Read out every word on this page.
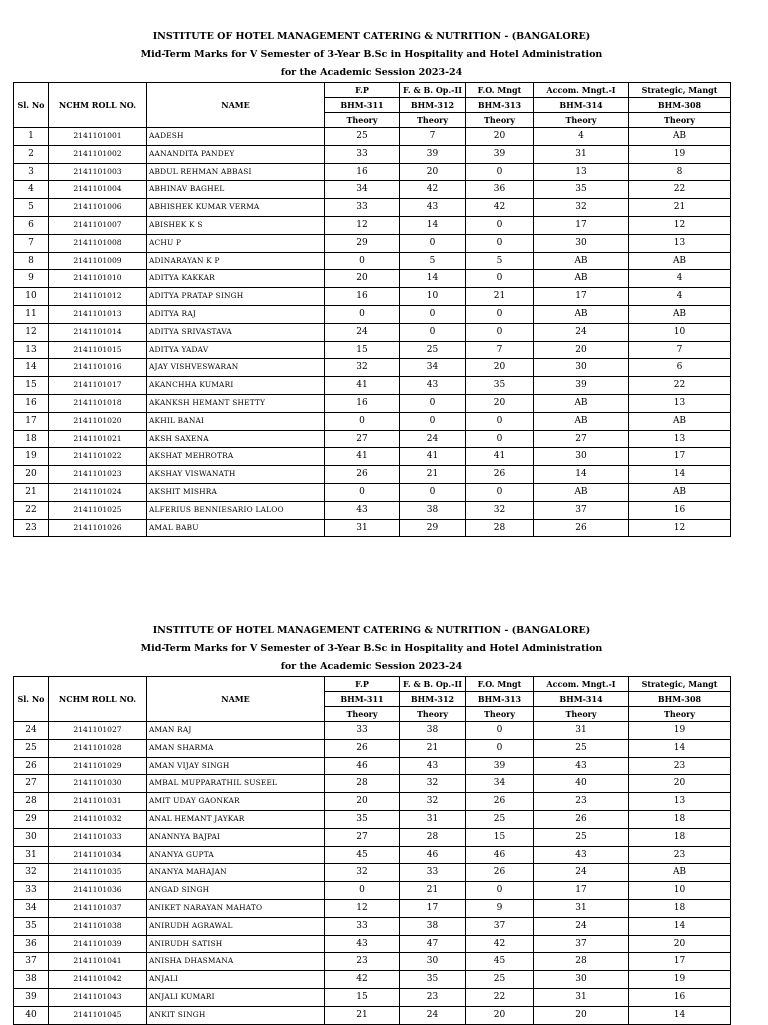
INSTITUTE OF HOTEL MANAGEMENT CATERING & NUTRITION - (BANGALORE)
Mid-Term Marks for V Semester of 3-Year B.Sc in Hospitality and Hotel Administration
for the Academic Session 2023-24
Sl. No	NCHM ROLL NO.	NAME	F.P	F. & B. Op.-II	F.O. Mngt	Accom. Mngt.-I	Strategic, Mangt
			BHM-311	BHM-312	BHM-313	BHM-314	BHM-308
			Theory	Theory	Theory	Theory	Theory
1	2141101001	AADESH	25	7	20	4	AB
2	2141101002	AANANDITA PANDEY	33	39	39	31	19
3	2141101003	ABDUL REHMAN ABBASI	16	20	0	13	8
4	2141101004	ABHINAV BAGHEL	34	42	36	35	22
5	2141101006	ABHISHEK KUMAR VERMA	33	43	42	32	21
6	2141101007	ABISHEK K S	12	14	0	17	12
7	2141101008	ACHU P	29	0	0	30	13
8	2141101009	ADINARAYAN K P	0	5	5	AB	AB
9	2141101010	ADITYA KAKKAR	20	14	0	AB	4
10	2141101012	ADITYA PRATAP SINGH	16	10	21	17	4
11	2141101013	ADITYA RAJ	0	0	0	AB	AB
12	2141101014	ADITYA SRIVASTAVA	24	0	0	24	10
13	2141101015	ADITYA YADAV	15	25	7	20	7
14	2141101016	AJAY VISHVESWARAN	32	34	20	30	6
15	2141101017	AKANCHHA KUMARI	41	43	35	39	22
16	2141101018	AKANKSH HEMANT SHETTY	16	0	20	AB	13
17	2141101020	AKHIL BANAI	0	0	0	AB	AB
18	2141101021	AKSH SAXENA	27	24	0	27	13
19	2141101022	AKSHAT MEHROTRA	41	41	41	30	17
20	2141101023	AKSHAY VISWANATH	26	21	26	14	14
21	2141101024	AKSHIT MISHRA	0	0	0	AB	AB
22	2141101025	ALFERIUS BENNIESARIO LALOO	43	38	32	37	16
23	2141101026	AMAL BABU	31	29	28	26	12
INSTITUTE OF HOTEL MANAGEMENT CATERING & NUTRITION - (BANGALORE)
Mid-Term Marks for V Semester of 3-Year B.Sc in Hospitality and Hotel Administration
for the Academic Session 2023-24
Sl. No	NCHM ROLL NO.	NAME	F.P	F. & B. Op.-II	F.O. Mngt	Accom. Mngt.-I	Strategic, Mangt
			BHM-311	BHM-312	BHM-313	BHM-314	BHM-308
			Theory	Theory	Theory	Theory	Theory
24	2141101027	AMAN RAJ	33	38	0	31	19
25	2141101028	AMAN SHARMA	26	21	0	25	14
26	2141101029	AMAN VIJAY SINGH	46	43	39	43	23
27	2141101030	AMBAL MUPPARATHIL SUSEEL	28	32	34	40	20
28	2141101031	AMIT UDAY GAONKAR	20	32	26	23	13
29	2141101032	ANAL HEMANT JAYKAR	35	31	25	26	18
30	2141101033	ANANNYA BAJPAI	27	28	15	25	18
31	2141101034	ANANYA GUPTA	45	46	46	43	23
32	2141101035	ANANYA MAHAJAN	32	33	26	24	AB
33	2141101036	ANGAD SINGH	0	21	0	17	10
34	2141101037	ANIKET NARAYAN MAHATO	12	17	9	31	18
35	2141101038	ANIRUDH AGRAWAL	33	38	37	24	14
36	2141101039	ANIRUDH SATISH	43	47	42	37	20
37	2141101041	ANISHA DHASMANA	23	30	45	28	17
38	2141101042	ANJALI	42	35	25	30	19
39	2141101043	ANJALI KUMARI	15	23	22	31	16
40	2141101045	ANKIT SINGH	21	24	20	20	14
